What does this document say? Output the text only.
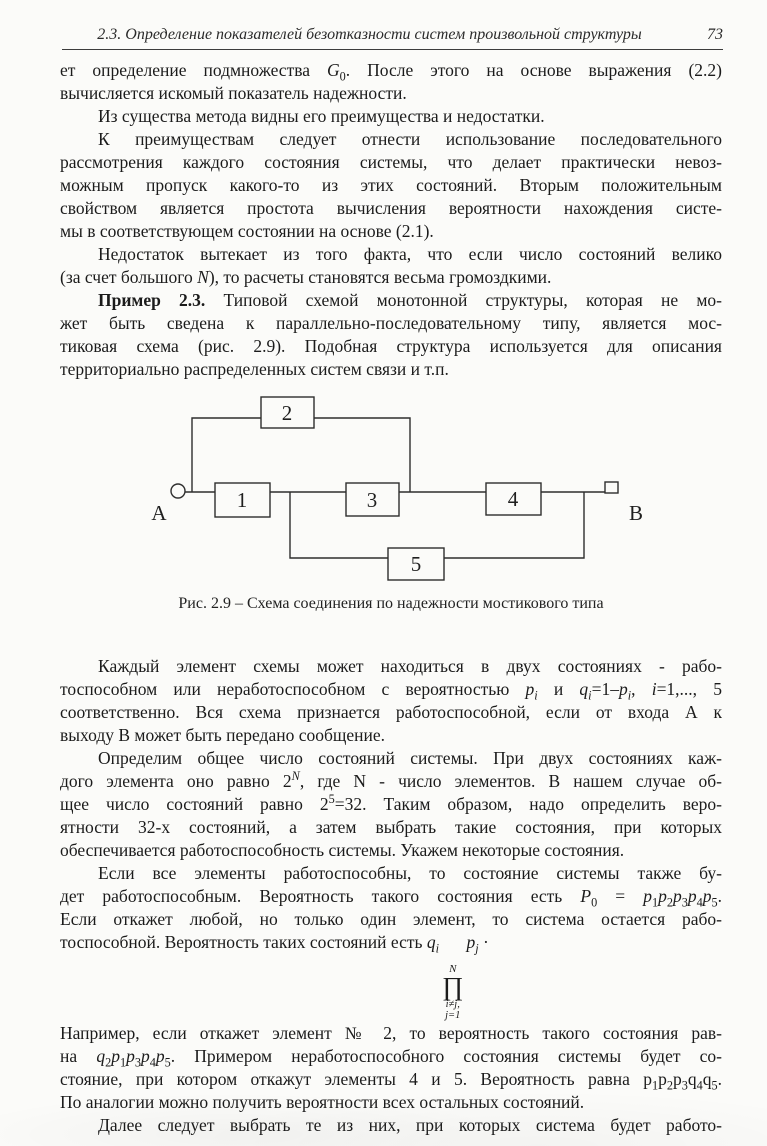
2.3. Определение показателей безотказности систем произвольной структуры	73
ет определение подмножества $G_0$. После этого на основе выражения (2.2)
вычисляется искомый показатель надежности.
Из существа метода видны его преимущества и недостатки.
К преимуществам следует отнести использование последовательного
рассмотрения каждого состояния системы, что делает практически невоз-
можным пропуск какого-то из этих состояний. Вторым положительным
свойством является простота вычисления вероятности нахождения систе-
мы в соответствующем состоянии на основе (2.1).
Недостаток вытекает из того факта, что если число состояний велико
(за счет большого N), то расчеты становятся весьма громоздкими.
Пример 2.3. Типовой схемой монотонной структуры, которая не мо-
жет быть сведена к параллельно-последовательному типу, является мос-
тиковая схема (рис. 2.9). Подобная структура используется для описания
территориально распределенных систем связи и т.п.
1
2
3	4
5
A	B
Рис. 2.9 – Схема соединения по надежности мостикового типа
Каждый элемент схемы может находиться в двух состояниях - рабо-
тоспособном или неработоспособном с вероятностью $p_i$ и $q_i=1-p_i$, i=1,..., 5
соответственно. Вся схема признается работоспособной, если от входа А к
выходу В может быть передано сообщение.
Определим общее число состояний системы. При двух состояниях каж-
дого элемента оно равно $2^N$, где N - число элементов. В нашем случае об-
щее число состояний равно $2^5=32$. Таким образом, надо определить веро-
ятности 32-х состояний, а затем выбрать такие состояния, при которых
обеспечивается работоспособность системы. Укажем некоторые состояния.
Если все элементы работоспособны, то состояние системы также бу-
дет работоспособным. Вероятность такого состояния есть $P_0 = p_1p_2p_3p_4p_5$.
Если откажет любой, но только один элемент, то система остается рабо-
тоспособной. Вероятность таких состояний есть $q_i$
N
∏
i≠j,
j=1
$p_j$ ·
Например, если откажет элемент № 2, то вероятность такого состояния рав-
на $q_2p_1p_3p_4p_5$. Примером неработоспособного состояния системы будет со-
стояние, при котором откажут элементы 4 и 5. Вероятность равна $p_1p_2p_3q_4q_5$.
По аналогии можно получить вероятности всех остальных состояний.
Далее следует выбрать те из них, при которых система будет работо-
